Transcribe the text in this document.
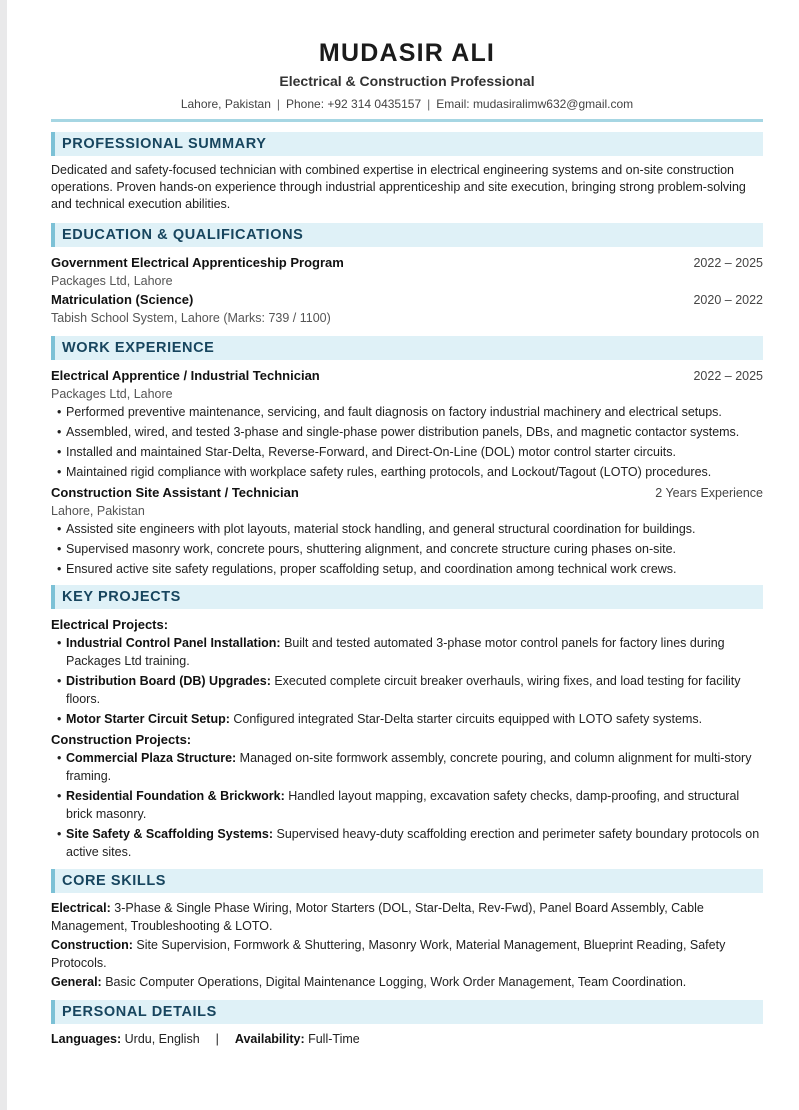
MUDASIR ALI
Electrical & Construction Professional
Lahore, Pakistan | Phone: +92 314 0435157 | Email: mudasiralimw632@gmail.com
PROFESSIONAL SUMMARY
Dedicated and safety-focused technician with combined expertise in electrical engineering systems and on-site construction operations. Proven hands-on experience through industrial apprenticeship and site execution, bringing strong problem-solving and technical execution abilities.
EDUCATION & QUALIFICATIONS
Government Electrical Apprenticeship Program	2022 – 2025
Packages Ltd, Lahore
Matriculation (Science)	2020 – 2022
Tabish School System, Lahore (Marks: 739 / 1100)
WORK EXPERIENCE
Electrical Apprentice / Industrial Technician	2022 – 2025
Packages Ltd, Lahore
• Performed preventive maintenance, servicing, and fault diagnosis on factory industrial machinery and electrical setups.
• Assembled, wired, and tested 3-phase and single-phase power distribution panels, DBs, and magnetic contactor systems.
• Installed and maintained Star-Delta, Reverse-Forward, and Direct-On-Line (DOL) motor control starter circuits.
• Maintained rigid compliance with workplace safety rules, earthing protocols, and Lockout/Tagout (LOTO) procedures.
Construction Site Assistant / Technician	2 Years Experience
Lahore, Pakistan
• Assisted site engineers with plot layouts, material stock handling, and general structural coordination for buildings.
• Supervised masonry work, concrete pours, shuttering alignment, and concrete structure curing phases on-site.
• Ensured active site safety regulations, proper scaffolding setup, and coordination among technical work crews.
KEY PROJECTS
Electrical Projects:
• Industrial Control Panel Installation: Built and tested automated 3-phase motor control panels for factory lines during Packages Ltd training.
• Distribution Board (DB) Upgrades: Executed complete circuit breaker overhauls, wiring fixes, and load testing for facility floors.
• Motor Starter Circuit Setup: Configured integrated Star-Delta starter circuits equipped with LOTO safety systems.
Construction Projects:
• Commercial Plaza Structure: Managed on-site formwork assembly, concrete pouring, and column alignment for multi-story framing.
• Residential Foundation & Brickwork: Handled layout mapping, excavation safety checks, damp-proofing, and structural brick masonry.
• Site Safety & Scaffolding Systems: Supervised heavy-duty scaffolding erection and perimeter safety boundary protocols on active sites.
CORE SKILLS
Electrical: 3-Phase & Single Phase Wiring, Motor Starters (DOL, Star-Delta, Rev-Fwd), Panel Board Assembly, Cable Management, Troubleshooting & LOTO.
Construction: Site Supervision, Formwork & Shuttering, Masonry Work, Material Management, Blueprint Reading, Safety Protocols.
General: Basic Computer Operations, Digital Maintenance Logging, Work Order Management, Team Coordination.
PERSONAL DETAILS
Languages: Urdu, English | Availability: Full-Time
